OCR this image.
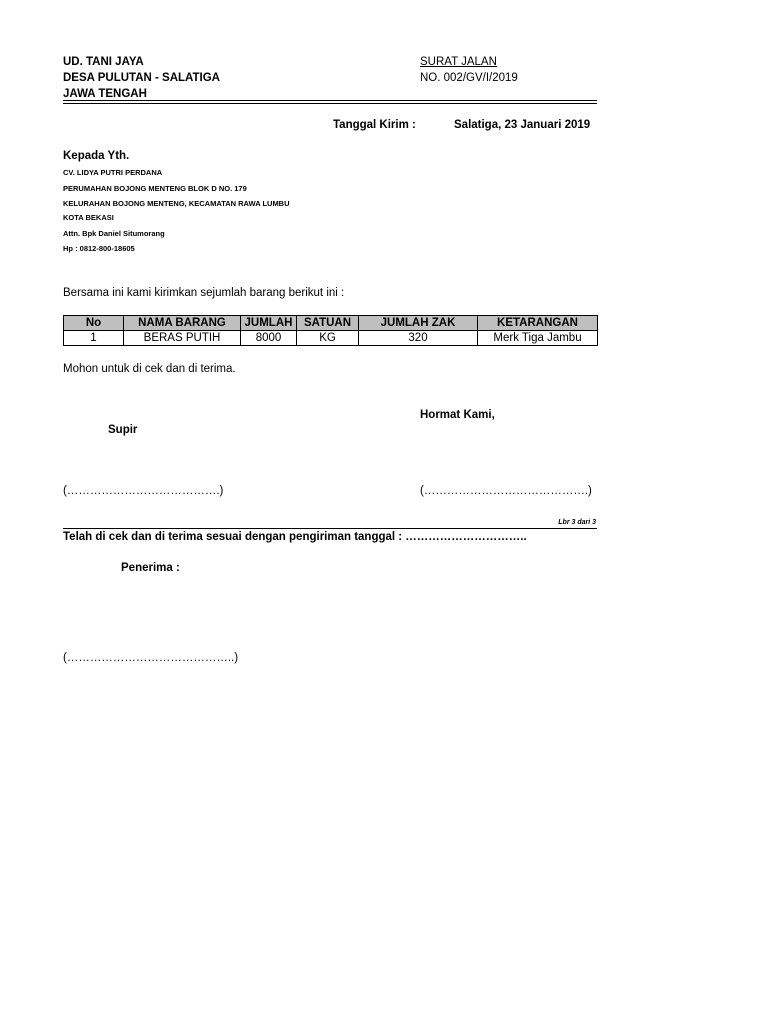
UD. TANI JAYA
DESA PULUTAN - SALATIGA
JAWA TENGAH
SURAT JALAN
NO. 002/GV/I/2019
Tanggal Kirim :	Salatiga, 23 Januari 2019
Kepada Yth.
CV. LIDYA PUTRI PERDANA
PERUMAHAN BOJONG MENTENG BLOK D NO. 179
KELURAHAN BOJONG MENTENG, KECAMATAN RAWA LUMBU
KOTA BEKASI
Attn. Bpk Daniel Situmorang
Hp : 0812-800-18605
Bersama ini kami kirimkan sejumlah barang berikut ini :
No	NAMA BARANG	JUMLAH	SATUAN	JUMLAH ZAK	KETARANGAN
1	BERAS PUTIH	8000	KG	320	Merk Tiga Jambu
Mohon untuk di cek dan di terima.
Hormat Kami,
Supir
(………………………………….)	(…………………………………….)
Lbr 3 dari 3
Telah di cek dan di terima sesuai dengan pengiriman tanggal : …………………………..
Penerima :
(……………………………………..)
